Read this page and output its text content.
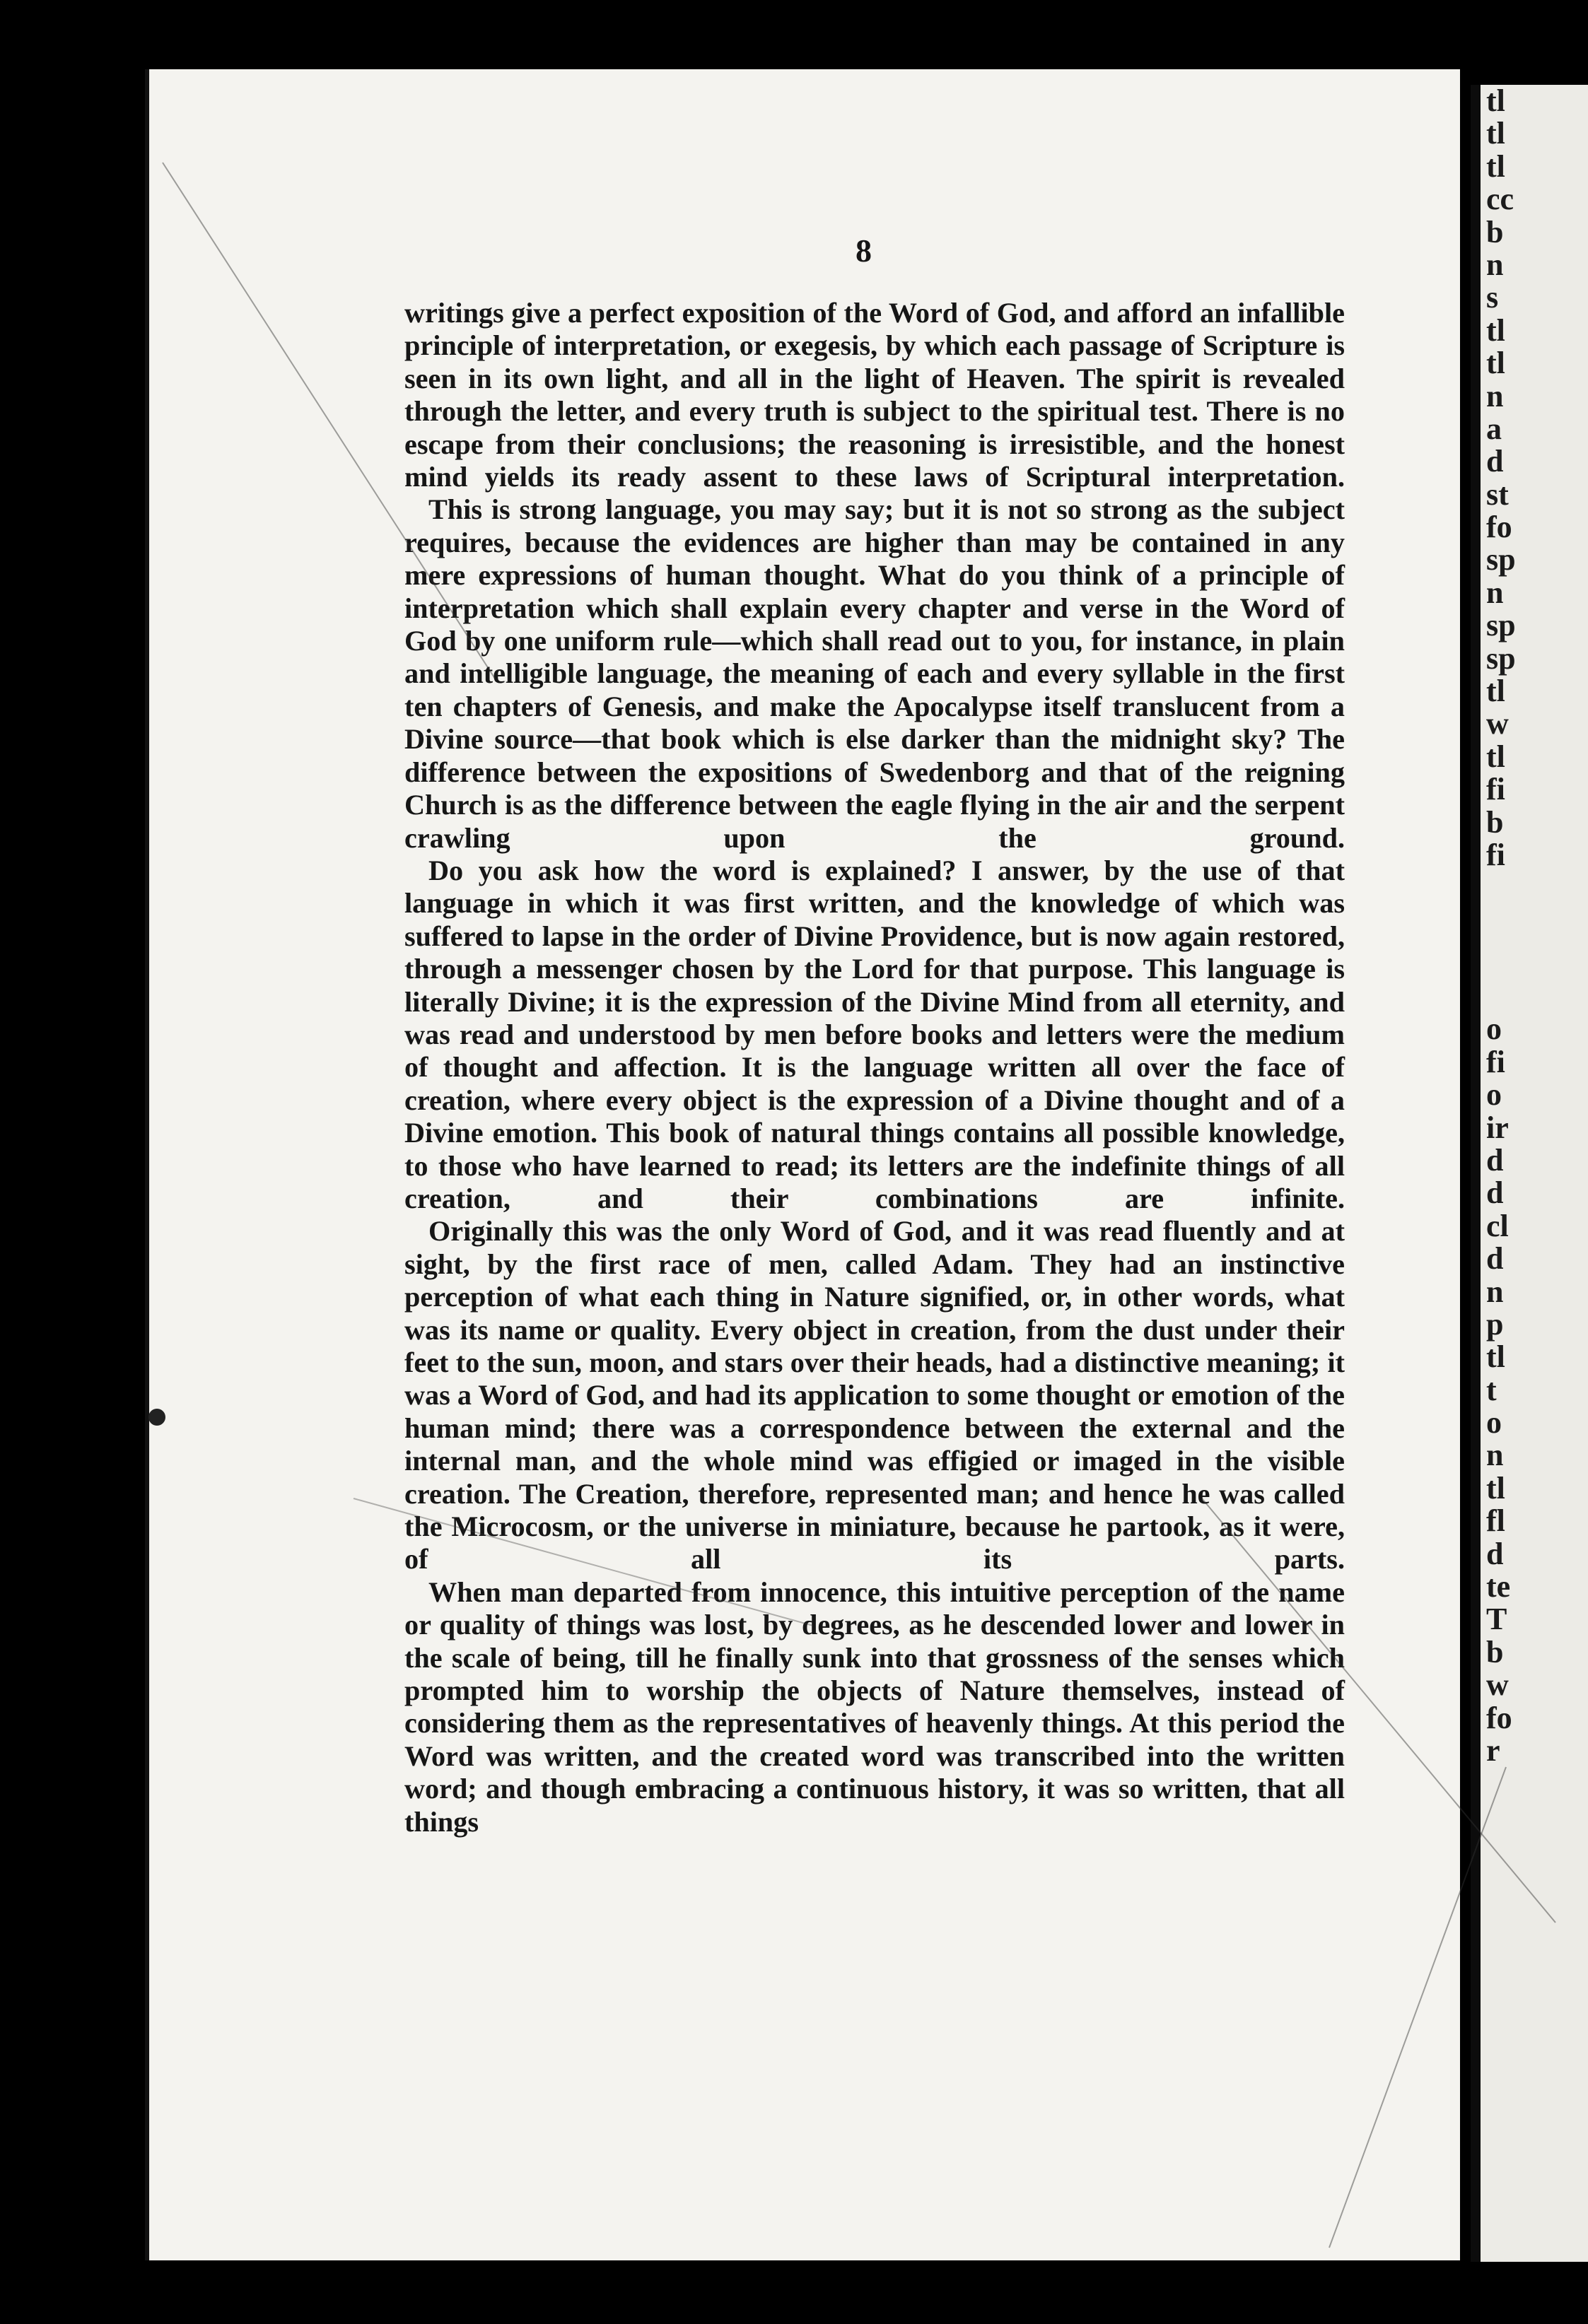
tl
tl
tl
cc
b
n
s
tl
tl
n
a
d
st
fo
sp
n
sp
sp
tl
w
tl
fi
b
fi
o
fi
o
ir
d
d
cl
d
n
p
tl
t
o
n
tl
fl
d
te
T
b
w
fo
r
8

writings give a perfect exposition of the Word of God, and afford an infallible principle of interpretation, or exegesis, by which each passage of Scripture is seen in its own light, and all in the light of Heaven. The spirit is revealed through the letter, and every truth is subject to the spiritual test. There is no escape from their conclusions; the reasoning is irresistible, and the honest mind yields its ready assent to these laws of Scriptural interpretation.

This is strong language, you may say; but it is not so strong as the subject requires, because the evidences are higher than may be contained in any mere expressions of human thought. What do you think of a principle of interpretation which shall explain every chapter and verse in the Word of God by one uniform rule—which shall read out to you, for instance, in plain and intelligible language, the meaning of each and every syllable in the first ten chapters of Genesis, and make the Apocalypse itself translucent from a Divine source—that book which is else darker than the midnight sky? The difference between the expositions of Swedenborg and that of the reigning Church is as the difference between the eagle flying in the air and the serpent crawling upon the ground.

Do you ask how the word is explained? I answer, by the use of that language in which it was first written, and the knowledge of which was suffered to lapse in the order of Divine Providence, but is now again restored, through a messenger chosen by the Lord for that purpose. This language is literally Divine; it is the expression of the Divine Mind from all eternity, and was read and understood by men before books and letters were the medium of thought and affection. It is the language written all over the face of creation, where every object is the expression of a Divine thought and of a Divine emotion. This book of natural things contains all possible knowledge, to those who have learned to read; its letters are the indefinite things of all creation, and their combinations are infinite.

Originally this was the only Word of God, and it was read fluently and at sight, by the first race of men, called Adam. They had an instinctive perception of what each thing in Nature signified, or, in other words, what was its name or quality. Every object in creation, from the dust under their feet to the sun, moon, and stars over their heads, had a distinctive meaning; it was a Word of God, and had its application to some thought or emotion of the human mind; there was a correspondence between the external and the internal man, and the whole mind was effigied or imaged in the visible creation. The Creation, therefore, represented man; and hence he was called the Microcosm, or the universe in miniature, because he partook, as it were, of all its parts.

When man departed from innocence, this intuitive perception of the name or quality of things was lost, by degrees, as he descended lower and lower in the scale of being, till he finally sunk into that grossness of the senses which prompted him to worship the objects of Nature themselves, instead of considering them as the representatives of heavenly things. At this period the Word was written, and the created word was transcribed into the written word; and though embracing a continuous history, it was so written, that all things
